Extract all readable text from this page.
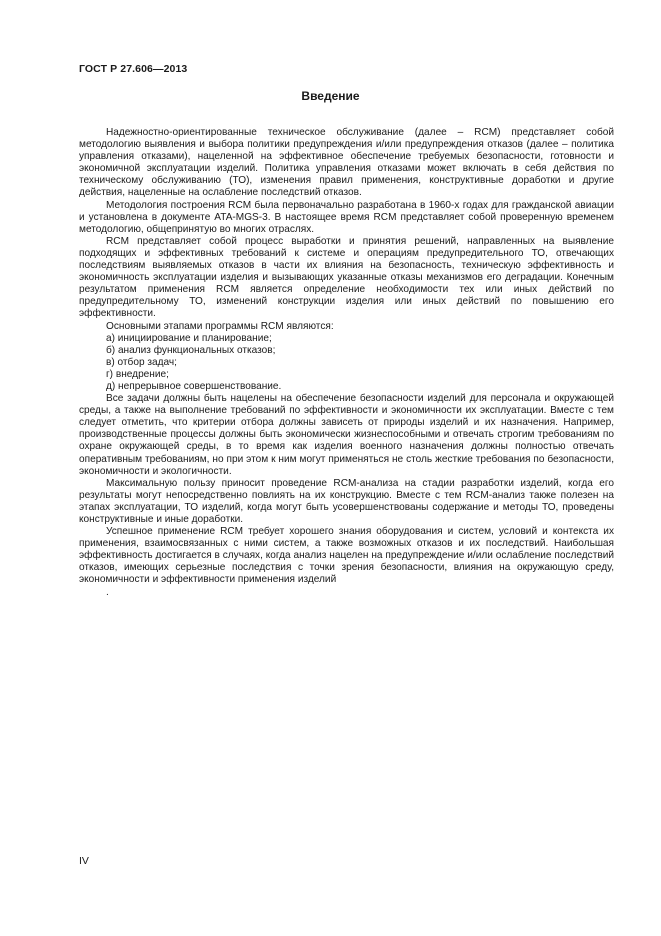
ГОСТ Р 27.606—2013
Введение

Надежностно-ориентированные техническое обслуживание (далее – RCM) представляет собой методологию выявления и выбора политики предупреждения и/или предупреждения отказов (далее – политика управления отказами), нацеленной на эффективное обеспечение требуемых безопасности, готовности и экономичной эксплуатации изделий. Политика управления отказами может включать в себя действия по техническому обслуживанию (ТО), изменения правил применения, конструктивные доработки и другие действия, нацеленные на ослабление последствий отказов.

Методология построения RCM была первоначально разработана в 1960-х годах для гражданской авиации и установлена в документе ATA-MGS-3. В настоящее время RCM представляет собой проверенную временем методологию, общепринятую во многих отраслях.

RCM представляет собой процесс выработки и принятия решений, направленных на выявление подходящих и эффективных требований к системе и операциям предупредительного ТО, отвечающих последствиям выявляемых отказов в части их влияния на безопасность, техническую эффективность и экономичность эксплуатации изделия и вызывающих указанные отказы механизмов его деградации. Конечным результатом применения RCM является определение необходимости тех или иных действий по предупредительному ТО, изменений конструкции изделия или иных действий по повышению его эффективности.

Основными этапами программы RCM являются:

а) инициирование и планирование;
б) анализ функциональных отказов;
в) отбор задач;
г) внедрение;
д) непрерывное совершенствование.

Все задачи должны быть нацелены на обеспечение безопасности изделий для персонала и окружающей среды, а также на выполнение требований по эффективности и экономичности их эксплуатации. Вместе с тем следует отметить, что критерии отбора должны зависеть от природы изделий и их назначения. Например, производственные процессы должны быть экономически жизнеспособными и отвечать строгим требованиям по охране окружающей среды, в то время как изделия военного назначения должны полностью отвечать оперативным требованиям, но при этом к ним могут применяться не столь жесткие требования по безопасности, экономичности и экологичности.

Максимальную пользу приносит проведение RCM-анализа на стадии разработки изделий, когда его результаты могут непосредственно повлиять на их конструкцию. Вместе с тем RCM-анализ также полезен на этапах эксплуатации, ТО изделий, когда могут быть усовершенствованы содержание и методы ТО, проведены конструктивные и иные доработки.

Успешное применение RCM требует хорошего знания оборудования и систем, условий и контекста их применения, взаимосвязанных с ними систем, а также возможных отказов и их последствий. Наибольшая эффективность достигается в случаях, когда анализ нацелен на предупреждение и/или ослабление последствий отказов, имеющих серьезные последствия с точки зрения безопасности, влияния на окружающую среду, экономичности и эффективности применения изделий

.
IV
